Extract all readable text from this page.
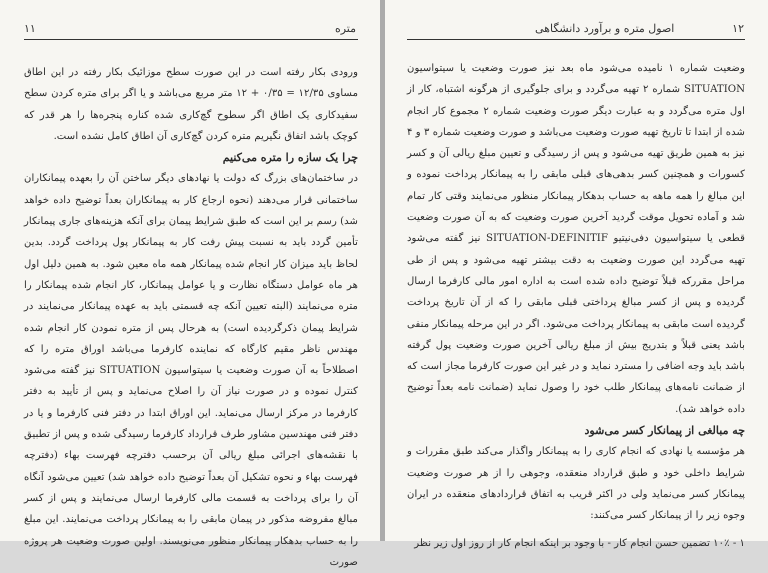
۱۱	متره

ورودی بکار رفته است در این صورت سطح موزائیک بکار رفته در این اطاق مساوی ۱۲/۳۵ = ۰/۳۵ + ۱۲ متر مربع می‌باشد و یا اگر برای متره کردن سطح سفیدکاری یک اطاق اگر سطوح گچ‌کاری شده کناره پنجره‌ها را هر قدر که کوچک باشد اتفاق نگیریم متره کردن گچ‌کاری آن اطاق کامل نشده است.

چرا یک سازه را متره می‌کنیم

در ساختمان‌های بزرگ که دولت یا نهادهای دیگر ساختن آن را بعهده پیمانکاران ساختمانی قرار می‌دهند (نحوه ارجاع کار به پیمانکاران بعداً توضیح داده خواهد شد) رسم بر این است که طبق شرایط پیمان برای آنکه هزینه‌های جاری پیمانکار تأمین گردد باید به نسبت پیش رفت کار به پیمانکار پول پرداخت گردد. بدین لحاظ باید میزان کار انجام شده پیمانکار همه ماه معین شود. به همین دلیل اول هر ماه عوامل دستگاه نظارت و یا عوامل پیمانکار، کار انجام شده پیمانکار را متره می‌نمایند (البته تعیین آنکه چه قسمتی باید به عهده پیمانکار می‌نمایند در شرایط پیمان ذکرگردیده است) به هرحال پس از متره نمودن کار انجام شده مهندس ناظر مقیم کارگاه که نماینده کارفرما می‌باشد اوراق متره را که اصطلاحاً به آن صورت وضعیت یا سیتواسیون SITUATION نیز گفته می‌شود کنترل نموده و در صورت نیاز آن را اصلاح می‌نماید و پس از تأیید به دفتر کارفرما در مرکز ارسال می‌نماید. این اوراق ابتدا در دفتر فنی کارفرما و یا در دفتر فنی مهندسین مشاور طرف قرارداد کارفرما رسیدگی شده و پس از تطبیق با نقشه‌های اجرائی مبلغ ریالی آن برحسب دفترچه فهرست بهاء (دفترچه فهرست بهاء و نحوه تشکیل آن بعداً توضیح داده خواهد شد) تعیین می‌شود آنگاه آن را برای پرداخت به قسمت مالی کارفرما ارسال می‌نمایند و پس از کسر مبالغ مفروضه مذکور در پیمان مابقی را به پیمانکار پرداخت می‌نمایند. این مبلغ را به حساب بدهکار پیمانکار منظور می‌نویسند. اولین صورت وضعیت هر پروژه صورت

اصول متره و برآورد دانشگاهی	۱۲

وضعیت شماره ۱ نامیده می‌شود ماه بعد نیز صورت وضعیت یا سیتواسیون SITUATION شماره ۲ تهیه می‌گردد و برای جلوگیری از هرگونه اشتباه، کار از اول متره می‌گردد و به عبارت دیگر صورت وضعیت شماره ۲ مجموع کار انجام شده از ابتدا تا تاریخ تهیه صورت وضعیت می‌باشد و صورت وضعیت شماره ۳ و ۴ نیز به همین طریق تهیه می‌شود و پس از رسیدگی و تعیین مبلغ ریالی آن و کسر کسورات و همچنین کسر بدهی‌های قبلی مابقی را به پیمانکار پرداخت نموده و این مبالغ را همه ماهه به حساب بدهکار پیمانکار منظور می‌نمایند وقتی کار تمام شد و آماده تحویل موقت گردید آخرین صورت وضعیت که به آن صورت وضعیت قطعی یا سیتواسیون دفی‌نیتیو SITUATION-DEFINITIF نیز گفته می‌شود تهیه می‌گردد این صورت وضعیت به دقت بیشتر تهیه می‌شود و پس از طی مراحل مقررکه قبلاً توضیح داده شده است به اداره امور مالی کارفرما ارسال گردیده و پس از کسر مبالغ پرداختی قبلی مابقی را که از آن تاریخ پرداخت گردیده است مابقی به پیمانکار پرداخت می‌شود. اگر در این مرحله پیمانکار منفی باشد یعنی قبلاً و بتدریج بیش از مبلغ ریالی آخرین صورت وضعیت پول گرفته باشد باید وجه اضافی را مسترد نماید و در غیر این صورت کارفرما مجاز است که از ضمانت نامه‌های پیمانکار طلب خود را وصول نماید (ضمانت نامه بعداً توضیح داده خواهد شد).

چه مبالغی از پیمانکار کسر می‌شود

هر مؤسسه یا نهادی که انجام کاری را به پیمانکار واگذار می‌کند طبق مقررات و شرایط داخلی خود و طبق قرارداد منعقده، وجوهی را از هر صورت وضعیت پیمانکار کسر می‌نماید ولی در اکثر قریب به اتفاق قراردادهای منعقده در ایران وجوه زیر را از پیمانکار کسر می‌کنند:

۱ - ۱۰٪ تضمین حسن انجام کار - با وجود بر اینکه انجام کار از روز اول زیر نظر
